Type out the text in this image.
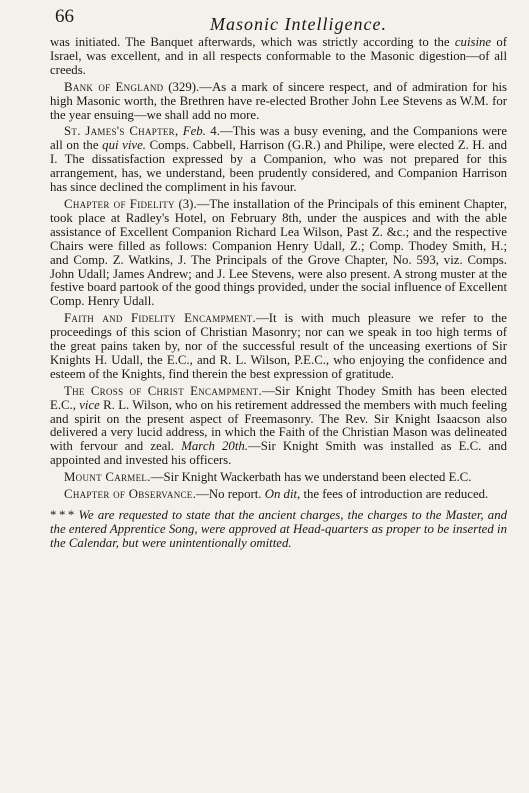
66	Masonic Intelligence.

was initiated. The Banquet afterwards, which was strictly according to the cuisine of Israel, was excellent, and in all respects conformable to the Masonic digestion—of all creeds.

Bank of England (329).—As a mark of sincere respect, and of admiration for his high Masonic worth, the Brethren have re-elected Brother John Lee Stevens as W.M. for the year ensuing—we shall add no more.

St. James's Chapter, Feb. 4.—This was a busy evening, and the Companions were all on the qui vive. Comps. Cabbell, Harrison (G.R.) and Philipe, were elected Z. H. and I. The dissatisfaction expressed by a Companion, who was not prepared for this arrangement, has, we understand, been prudently considered, and Companion Harrison has since declined the compliment in his favour.

Chapter of Fidelity (3).—The installation of the Principals of this eminent Chapter, took place at Radley's Hotel, on February 8th, under the auspices and with the able assistance of Excellent Companion Richard Lea Wilson, Past Z. &c.; and the respective Chairs were filled as follows: Companion Henry Udall, Z.; Comp. Thodey Smith, H.; and Comp. Z. Watkins, J. The Principals of the Grove Chapter, No. 593, viz. Comps. John Udall; James Andrew; and J. Lee Stevens, were also present. A strong muster at the festive board partook of the good things provided, under the social influence of Excellent Comp. Henry Udall.

Faith and Fidelity Encampment.—It is with much pleasure we refer to the proceedings of this scion of Christian Masonry; nor can we speak in too high terms of the great pains taken by, nor of the successful result of the unceasing exertions of Sir Knights H. Udall, the E.C., and R. L. Wilson, P.E.C., who enjoying the confidence and esteem of the Knights, find therein the best expression of gratitude.

The Cross of Christ Encampment.—Sir Knight Thodey Smith has been elected E.C., vice R. L. Wilson, who on his retirement addressed the members with much feeling and spirit on the present aspect of Freemasonry. The Rev. Sir Knight Isaacson also delivered a very lucid address, in which the Faith of the Christian Mason was delineated with fervour and zeal. March 20th.—Sir Knight Smith was installed as E.C. and appointed and invested his officers.

Mount Carmel.—Sir Knight Wackerbath has we understand been elected E.C.

Chapter of Observance.—No report. On dit, the fees of introduction are reduced.

* * * We are requested to state that the ancient charges, the charges to the Master, and the entered Apprentice Song, were approved at Head-quarters as proper to be inserted in the Calendar, but were unintentionally omitted.
